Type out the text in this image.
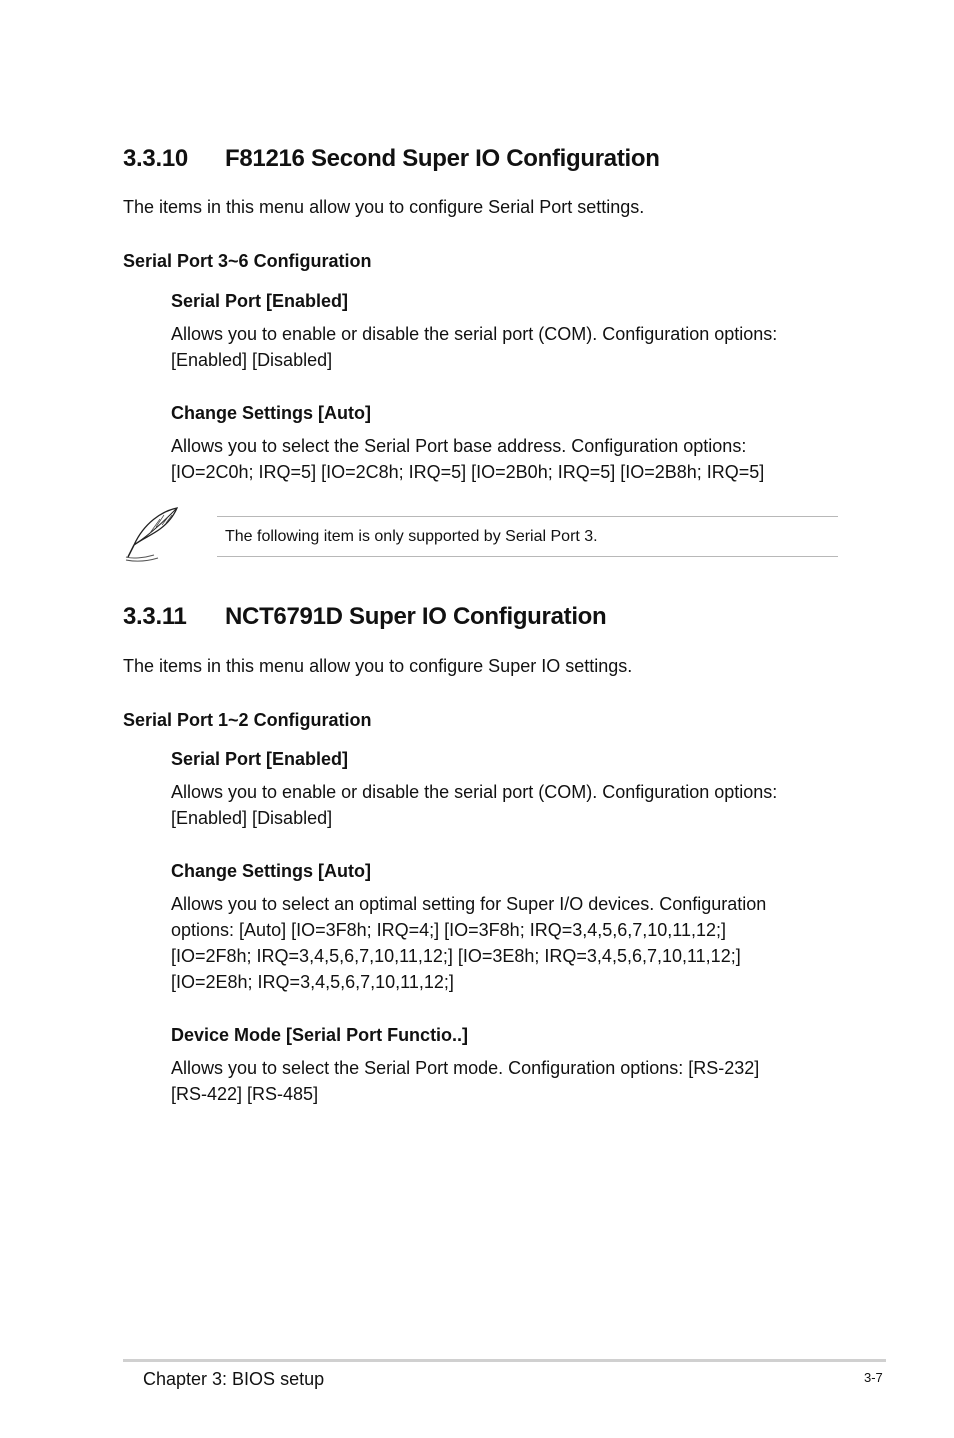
3.3.10 F81216 Second Super IO Configuration
The items in this menu allow you to configure Serial Port settings.
Serial Port 3~6 Configuration
Serial Port [Enabled]
Allows you to enable or disable the serial port (COM). Configuration options:
[Enabled] [Disabled]
Change Settings [Auto]
Allows you to select the Serial Port base address. Configuration options:
[IO=2C0h; IRQ=5] [IO=2C8h; IRQ=5] [IO=2B0h; IRQ=5] [IO=2B8h; IRQ=5]
The following item is only supported by Serial Port 3.
3.3.11 NCT6791D Super IO Configuration
The items in this menu allow you to configure Super IO settings.
Serial Port 1~2 Configuration
Serial Port [Enabled]
Allows you to enable or disable the serial port (COM). Configuration options:
[Enabled] [Disabled]
Change Settings [Auto]
Allows you to select an optimal setting for Super I/O devices. Configuration
options: [Auto] [IO=3F8h; IRQ=4;] [IO=3F8h; IRQ=3,4,5,6,7,10,11,12;]
[IO=2F8h; IRQ=3,4,5,6,7,10,11,12;] [IO=3E8h; IRQ=3,4,5,6,7,10,11,12;]
[IO=2E8h; IRQ=3,4,5,6,7,10,11,12;]
Device Mode [Serial Port Functio..]
Allows you to select the Serial Port mode. Configuration options: [RS-232]
[RS-422] [RS-485]
Chapter 3: BIOS setup	3-7
